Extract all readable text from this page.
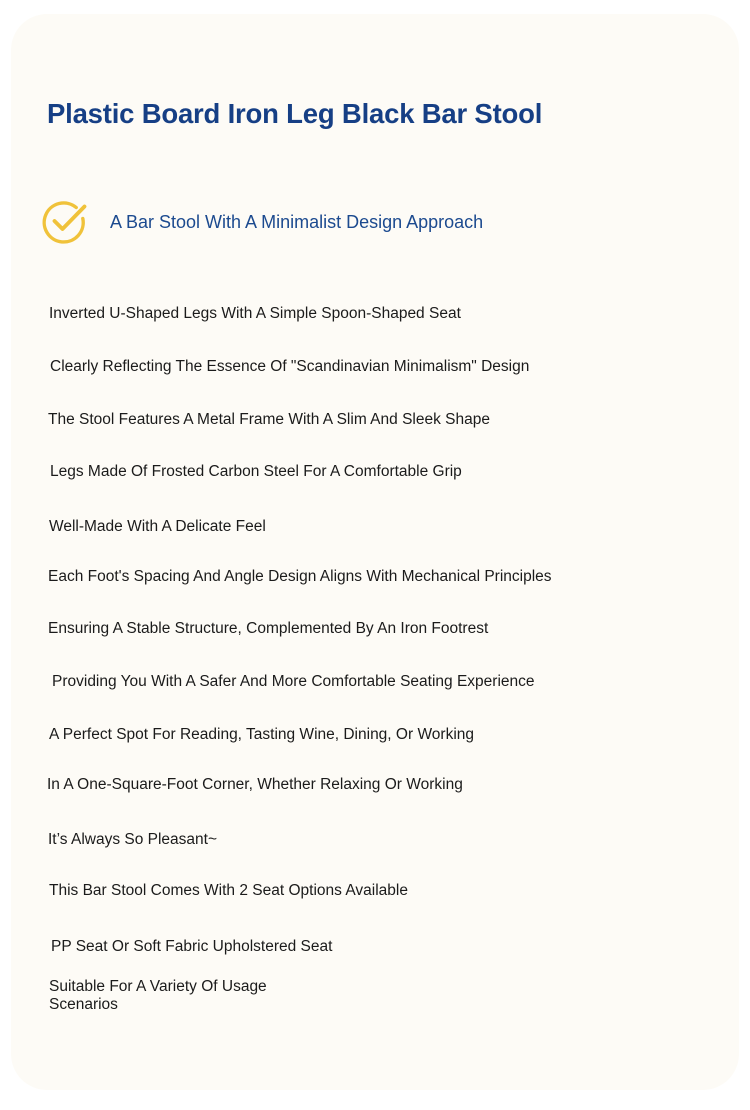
Plastic Board Iron Leg Black Bar Stool
A Bar Stool With A Minimalist Design Approach

Inverted U-Shaped Legs With A Simple Spoon-Shaped Seat

Clearly Reflecting The Essence Of "Scandinavian Minimalism" Design

The Stool Features A Metal Frame With A Slim And Sleek Shape

Legs Made Of Frosted Carbon Steel For A Comfortable Grip

Well-Made With A Delicate Feel

Each Foot's Spacing And Angle Design Aligns With Mechanical Principles

Ensuring A Stable Structure, Complemented By An Iron Footrest

Providing You With A Safer And More Comfortable Seating Experience

A Perfect Spot For Reading, Tasting Wine, Dining, Or Working

In A One-Square-Foot Corner, Whether Relaxing Or Working

It’s Always So Pleasant~

This Bar Stool Comes With 2 Seat Options Available

PP Seat Or Soft Fabric Upholstered Seat

Suitable For A Variety Of Usage
Scenarios
